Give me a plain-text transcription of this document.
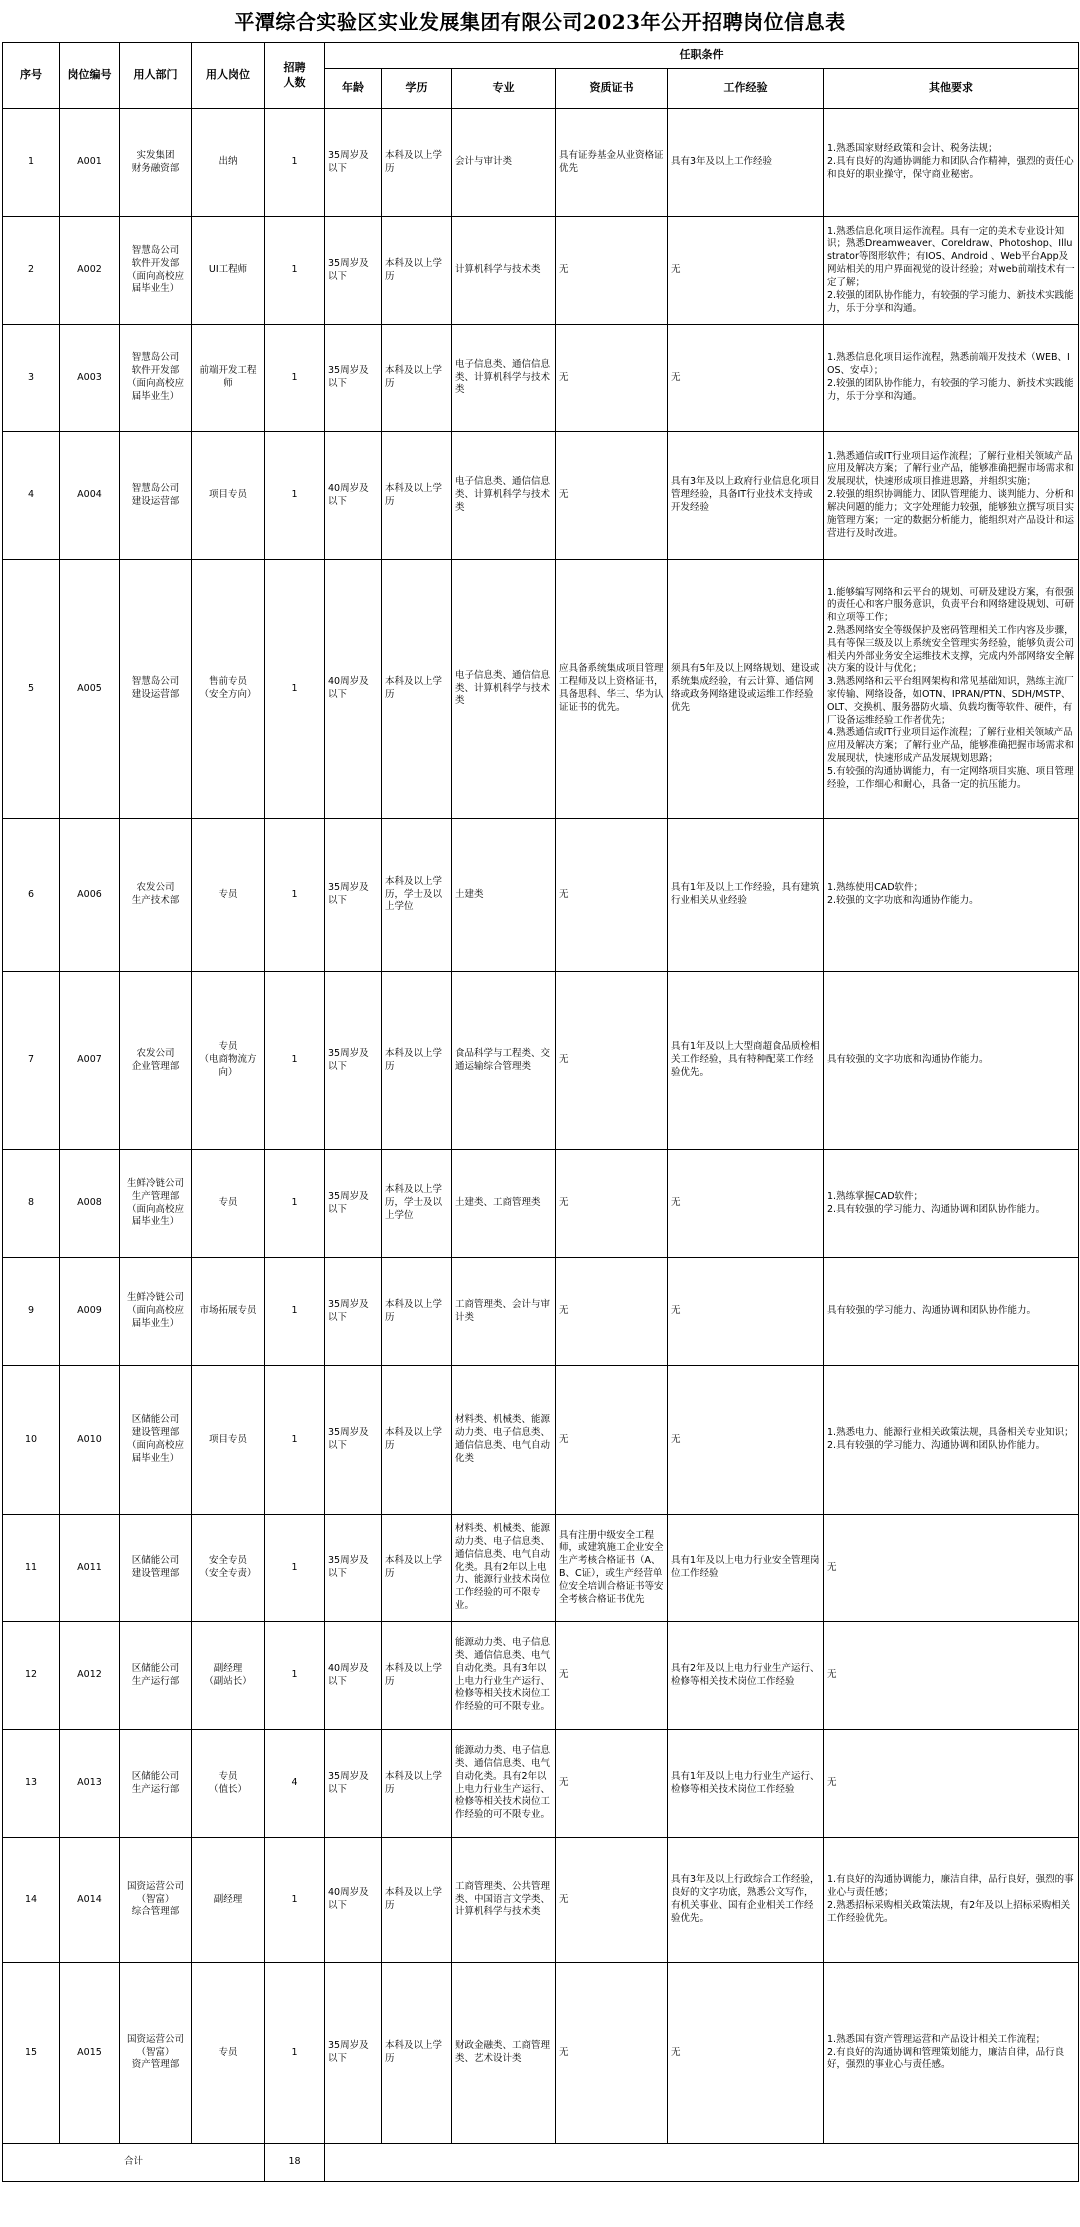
平潭综合实验区实业发展集团有限公司2023年公开招聘岗位信息表
序号	岗位编号	用人部门	用人岗位	招聘
人数	任职条件					
					年龄	学历	专业	资质证书	工作经验	其他要求
1	A001	实发集团
财务融资部	出纳	1	35周岁及以下	本科及以上学历	会计与审计类	具有证券基金从业资格证优先	具有3年及以上工作经验	1.熟悉国家财经政策和会计、税务法规；
2.具有良好的沟通协调能力和团队合作精神，强烈的责任心和良好的职业操守，保守商业秘密。
2	A002	智慧岛公司
软件开发部
（面向高校应届毕业生）	UI工程师	1	35周岁及以下	本科及以上学历	计算机科学与技术类	无	无	1.熟悉信息化项目运作流程。具有一定的美术专业设计知识；熟悉Dreamweaver、Coreldraw、Photoshop、Illustrator等图形软件；有IOS、Android 、Web平台App及网站相关的用户界面视觉的设计经验；对web前端技术有一定了解；
2.较强的团队协作能力，有较强的学习能力、新技术实践能力，乐于分享和沟通。
3	A003	智慧岛公司
软件开发部
（面向高校应届毕业生）	前端开发工程师	1	35周岁及以下	本科及以上学历	电子信息类、通信信息类、计算机科学与技术类	无	无	1.熟悉信息化项目运作流程，熟悉前端开发技术（WEB、IOS、安卓）；
2.较强的团队协作能力，有较强的学习能力、新技术实践能力，乐于分享和沟通。
4	A004	智慧岛公司
建设运营部	项目专员	1	40周岁及以下	本科及以上学历	电子信息类、通信信息类、计算机科学与技术类	无	具有3年及以上政府行业信息化项目管理经验，具备IT行业技术支持或开发经验	1.熟悉通信或IT行业项目运作流程；了解行业相关领域产品应用及解决方案；了解行业产品，能够准确把握市场需求和发展现状，快速形成项目推进思路，并组织实施；
2.较强的组织协调能力、团队管理能力、谈判能力、分析和解决问题的能力；文字处理能力较强，能够独立撰写项目实施管理方案；一定的数据分析能力，能组织对产品设计和运营进行及时改进。
5	A005	智慧岛公司
建设运营部	售前专员
（安全方向）	1	40周岁及以下	本科及以上学历	电子信息类、通信信息类、计算机科学与技术类	应具备系统集成项目管理工程师及以上资格证书，具备思科、华三、华为认证证书的优先。	须具有5年及以上网络规划、建设或系统集成经验，有云计算、通信网络或政务网络建设或运维工作经验优先	1.能够编写网络和云平台的规划、可研及建设方案，有很强的责任心和客户服务意识，负责平台和网络建设规划、可研和立项等工作；
2.熟悉网络安全等级保护及密码管理相关工作内容及步骤，具有等保三级及以上系统安全管理实务经验，能够负责公司相关内外部业务安全运维技术支撑，完成内外部网络安全解决方案的设计与优化；
3.熟悉网络和云平台组网架构和常见基础知识，熟练主流厂家传输、网络设备，如OTN、IPRAN/PTN、SDH/MSTP、OLT、交换机、服务器防火墙、负载均衡等软件、硬件，有厂设备运维经验工作者优先；
4.熟悉通信或IT行业项目运作流程；了解行业相关领域产品应用及解决方案；了解行业产品，能够准确把握市场需求和发展现状，快速形成产品发展规划思路；
5.有较强的沟通协调能力，有一定网络项目实施、项目管理经验，工作细心和耐心，具备一定的抗压能力。
6	A006	农发公司
生产技术部	专员	1	35周岁及以下	本科及以上学历，学士及以上学位	土建类	无	具有1年及以上工作经验，具有建筑行业相关从业经验	1.熟练使用CAD软件；
2.较强的文字功底和沟通协作能力。
7	A007	农发公司
企业管理部	专员
（电商物流方向）	1	35周岁及以下	本科及以上学历	食品科学与工程类、交通运输综合管理类	无	具有1年及以上大型商超食品质检相关工作经验，具有特种配菜工作经验优先。	具有较强的文字功底和沟通协作能力。
8	A008	生鲜冷链公司
生产管理部
（面向高校应届毕业生）	专员	1	35周岁及以下	本科及以上学历，学士及以上学位	土建类、工商管理类	无	无	1.熟练掌握CAD软件；
2.具有较强的学习能力、沟通协调和团队协作能力。
9	A009	生鲜冷链公司
（面向高校应届毕业生）	市场拓展专员	1	35周岁及以下	本科及以上学历	工商管理类、会计与审计类	无	无	具有较强的学习能力、沟通协调和团队协作能力。
10	A010	区储能公司
建设管理部
（面向高校应届毕业生）	项目专员	1	35周岁及以下	本科及以上学历	材料类、机械类、能源动力类、电子信息类、通信信息类、电气自动化类	无	无	1.熟悉电力、能源行业相关政策法规，具备相关专业知识；
2.具有较强的学习能力、沟通协调和团队协作能力。
11	A011	区储能公司
建设管理部	安全专员
（安全专责）	1	35周岁及以下	本科及以上学历	材料类、机械类、能源动力类、电子信息类、通信信息类、电气自动化类。具有2年以上电力、能源行业技术岗位工作经验的可不限专业。	具有注册中级安全工程师，或建筑施工企业安全生产考核合格证书（A、B、C证），或生产经营单位安全培训合格证书等安全考核合格证书优先	具有1年及以上电力行业安全管理岗位工作经验	无
12	A012	区储能公司
生产运行部	副经理
（副站长）	1	40周岁及以下	本科及以上学历	能源动力类、电子信息类、通信信息类、电气自动化类。具有3年以上电力行业生产运行、检修等相关技术岗位工作经验的可不限专业。	无	具有2年及以上电力行业生产运行、检修等相关技术岗位工作经验	无
13	A013	区储能公司
生产运行部	专员
（值长）	4	35周岁及以下	本科及以上学历	能源动力类、电子信息类、通信信息类、电气自动化类。具有2年以上电力行业生产运行、检修等相关技术岗位工作经验的可不限专业。	无	具有1年及以上电力行业生产运行、检修等相关技术岗位工作经验	无
14	A014	国资运营公司
（智富）
综合管理部	副经理	1	40周岁及以下	本科及以上学历	工商管理类、公共管理类、中国语言文学类、计算机科学与技术类	无	具有3年及以上行政综合工作经验，良好的文字功底，熟悉公文写作，有机关事业、国有企业相关工作经验优先。	1.有良好的沟通协调能力，廉洁自律，品行良好，强烈的事业心与责任感；
2.熟悉招标采购相关政策法规，有2年及以上招标采购相关工作经验优先。
15	A015	国资运营公司
（智富）
资产管理部	专员	1	35周岁及以下	本科及以上学历	财政金融类、工商管理类、艺术设计类	无	无	1.熟悉国有资产管理运营和产品设计相关工作流程；
2.有良好的沟通协调和管理策划能力，廉洁自律，品行良好，强烈的事业心与责任感。
合计				18						
